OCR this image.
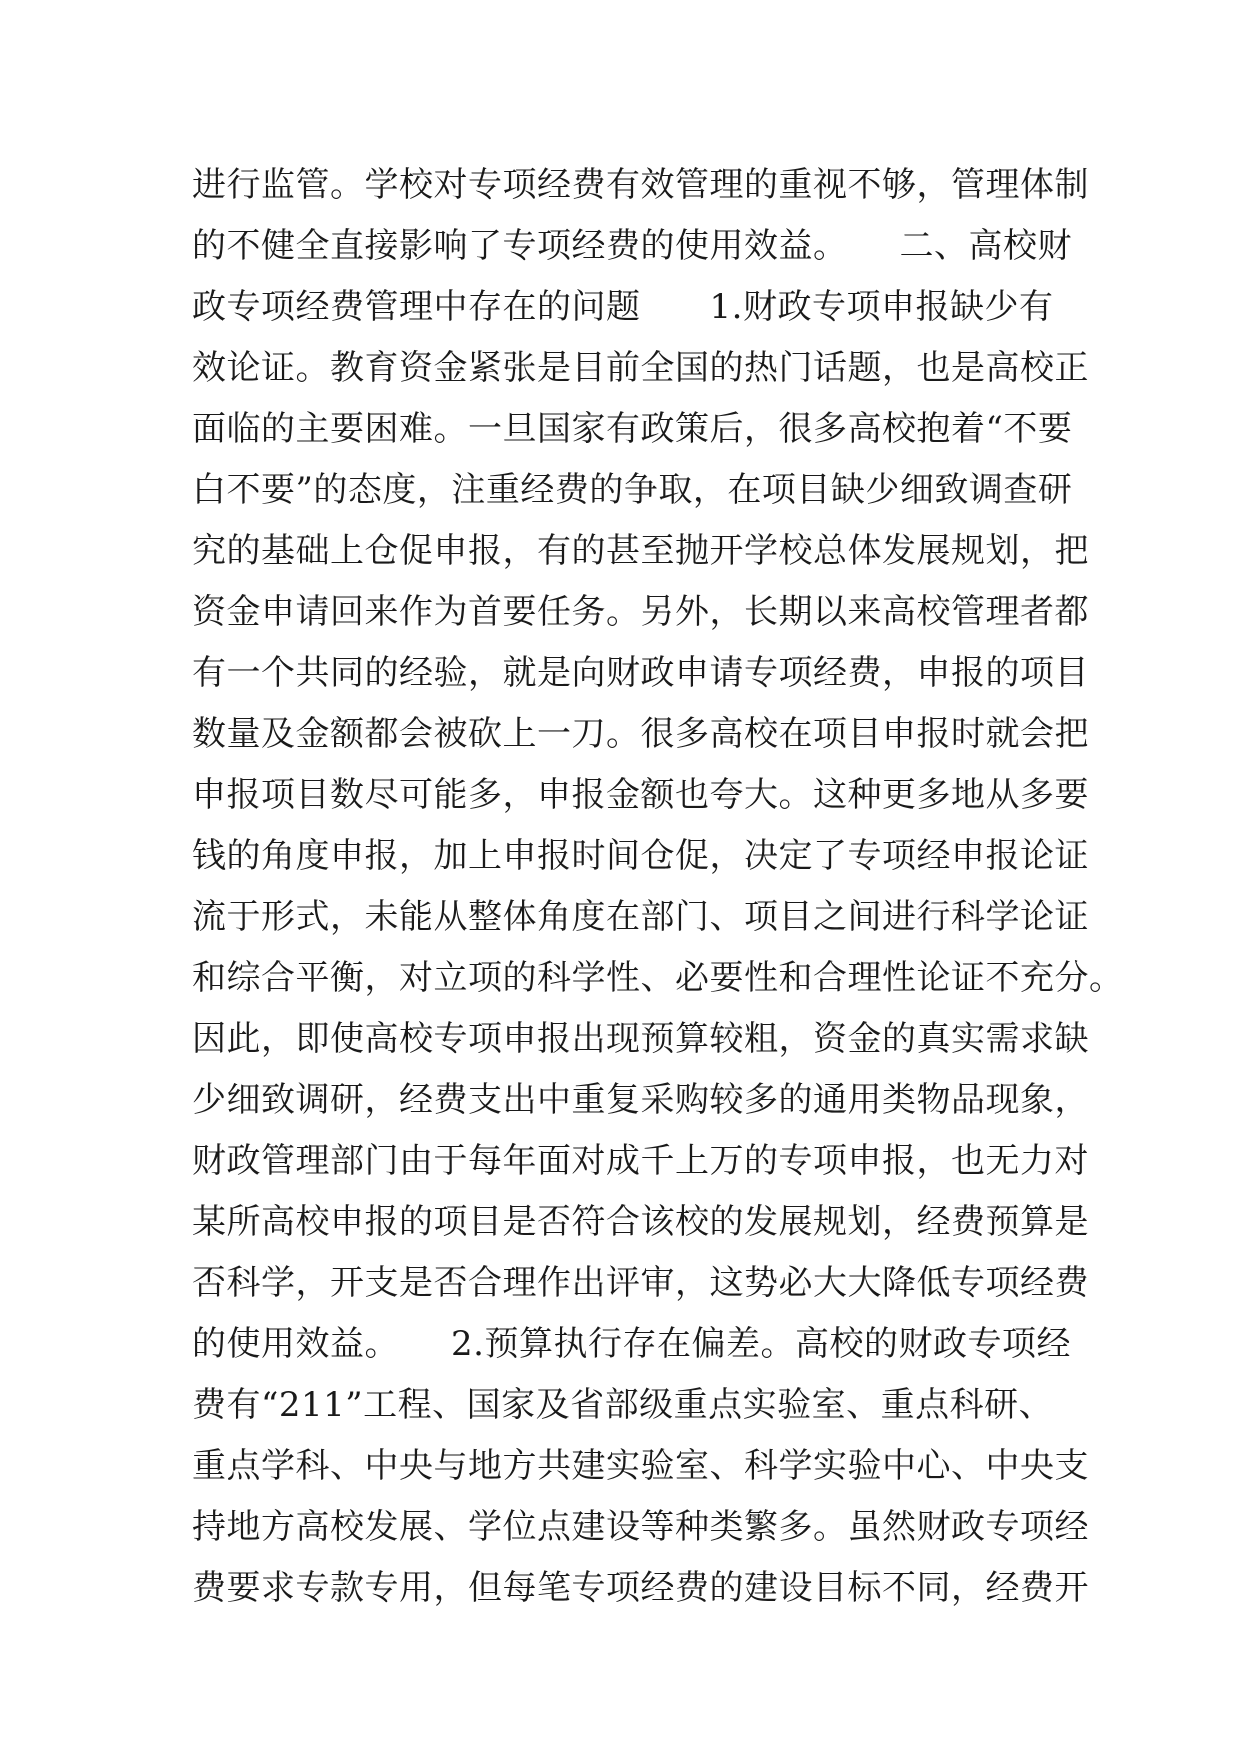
进行监管。学校对专项经费有效管理的重视不够，管理体制
的不健全直接影响了专项经费的使用效益。　　二、高校财
政专项经费管理中存在的问题　　1.财政专项申报缺少有
效论证。教育资金紧张是目前全国的热门话题，也是高校正
面临的主要困难。一旦国家有政策后，很多高校抱着“不要
白不要”的态度，注重经费的争取，在项目缺少细致调查研
究的基础上仓促申报，有的甚至抛开学校总体发展规划，把
资金申请回来作为首要任务。另外，长期以来高校管理者都
有一个共同的经验，就是向财政申请专项经费，申报的项目
数量及金额都会被砍上一刀。很多高校在项目申报时就会把
申报项目数尽可能多，申报金额也夸大。这种更多地从多要
钱的角度申报，加上申报时间仓促，决定了专项经申报论证
流于形式，未能从整体角度在部门、项目之间进行科学论证
和综合平衡，对立项的科学性、必要性和合理性论证不充分。
因此，即使高校专项申报出现预算较粗，资金的真实需求缺
少细致调研，经费支出中重复采购较多的通用类物品现象，
财政管理部门由于每年面对成千上万的专项申报，也无力对
某所高校申报的项目是否符合该校的发展规划，经费预算是
否科学，开支是否合理作出评审，这势必大大降低专项经费
的使用效益。　　2.预算执行存在偏差。高校的财政专项经
费有“211”工程、国家及省部级重点实验室、重点科研、
重点学科、中央与地方共建实验室、科学实验中心、中央支
持地方高校发展、学位点建设等种类繁多。虽然财政专项经
费要求专款专用，但每笔专项经费的建设目标不同，经费开
